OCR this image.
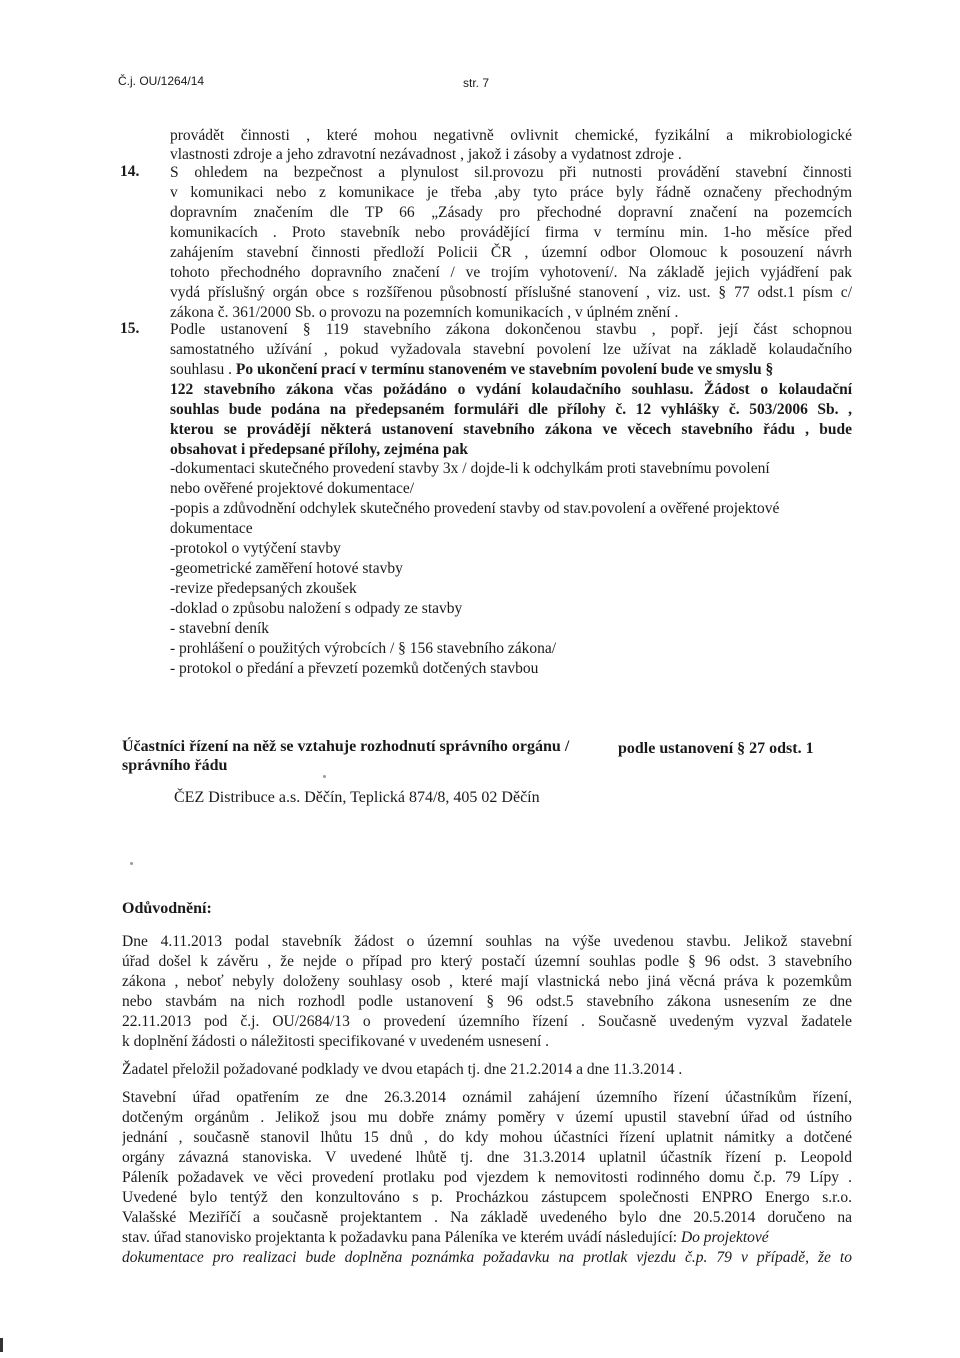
Č.j. OU/1264/14	str. 7
provádět činnosti , které mohou negativně ovlivnit chemické, fyzikální a mikrobiologické
vlastnosti zdroje a jeho zdravotní nezávadnost , jakož i zásoby a vydatnost zdroje .
14. S ohledem na bezpečnost a plynulost sil.provozu při nutnosti provádění stavební činnosti
v komunikaci nebo z komunikace je třeba ,aby tyto práce byly řádně označeny přechodným
dopravním značením dle TP 66 „Zásady pro přechodné dopravní značení na pozemcích
komunikacích . Proto stavebník nebo provádějící firma v termínu min. 1-ho měsíce před
zahájením stavební činnosti předloží Policii ČR , územní odbor Olomouc k posouzení návrh
tohoto přechodného dopravního značení / ve trojím vyhotovení/. Na základě jejich vyjádření pak
vydá příslušný orgán obce s rozšířenou působností příslušné stanovení , viz. ust. § 77 odst.1 písm c/
zákona č. 361/2000 Sb. o provozu na pozemních komunikacích , v úplném znění .
15. Podle ustanovení § 119 stavebního zákona dokončenou stavbu , popř. její část schopnou
samostatného užívání , pokud vyžadovala stavební povolení lze užívat na základě kolaudačního
souhlasu . Po ukončení prací v termínu stanoveném ve stavebním povolení bude ve smyslu §
122 stavebního zákona včas požádáno o vydání kolaudačního souhlasu. Žádost o kolaudační
souhlas bude podána na předepsaném formuláři dle přílohy č. 12 vyhlášky č. 503/2006 Sb. ,
kterou se provádějí některá ustanovení stavebního zákona ve věcech stavebního řádu , bude
obsahovat i předepsané přílohy, zejména pak
-dokumentaci skutečného provedení stavby 3x / dojde-li k odchylkám proti stavebnímu povolení
nebo ověřené projektové dokumentace/
-popis a zdůvodnění odchylek skutečného provedení stavby od stav.povolení a ověřené projektové
dokumentace
-protokol o vytýčení stavby
-geometrické zaměření hotové stavby
-revize předepsaných zkoušek
-doklad o způsobu naložení s odpady ze stavby
- stavební deník
- prohlášení o použitých výrobcích / § 156 stavebního zákona/
- protokol o předání a převzetí pozemků dotčených stavbou
Účastníci řízení na něž se vztahuje rozhodnutí správního orgánu /	podle ustanovení § 27 odst. 1
správního řádu
ČEZ Distribuce a.s. Děčín, Teplická 874/8, 405 02 Děčín
Odůvodnění:
Dne 4.11.2013 podal stavebník žádost o územní souhlas na výše uvedenou stavbu. Jelikož stavební
úřad došel k závěru , že nejde o případ pro který postačí územní souhlas podle § 96 odst. 3 stavebního
zákona , neboť nebyly doloženy souhlasy osob , které mají vlastnická nebo jiná věcná práva k pozemkům
nebo stavbám na nich rozhodl podle ustanovení § 96 odst.5 stavebního zákona usnesením ze dne
22.11.2013 pod č.j. OU/2684/13 o provedení územního řízení . Současně uvedeným vyzval žadatele
k doplnění žádosti o náležitosti specifikované v uvedeném usnesení .
Žadatel přeložil požadované podklady ve dvou etapách tj. dne 21.2.2014 a dne 11.3.2014 .
Stavební úřad opatřením ze dne 26.3.2014 oznámil zahájení územního řízení účastníkům řízení,
dotčeným orgánům . Jelikož jsou mu dobře známy poměry v území upustil stavební úřad od ústního
jednání , současně stanovil lhůtu 15 dnů , do kdy mohou účastníci řízení uplatnit námitky a dotčené
orgány závazná stanoviska. V uvedené lhůtě tj. dne 31.3.2014 uplatnil účastník řízení p. Leopold
Páleník požadavek ve věci provedení protlaku pod vjezdem k nemovitosti rodinného domu č.p. 79 Lípy .
Uvedené bylo tentýž den konzultováno s p. Procházkou zástupcem společnosti ENPRO Energo s.r.o.
Valašské Meziříčí a současně projektantem . Na základě uvedeného bylo dne 20.5.2014 doručeno na
stav. úřad stanovisko projektanta k požadavku pana Páleníka ve kterém uvádí následující: Do projektové
dokumentace pro realizaci bude doplněna poznámka požadavku na protlak vjezdu č.p. 79 v případě, že to
